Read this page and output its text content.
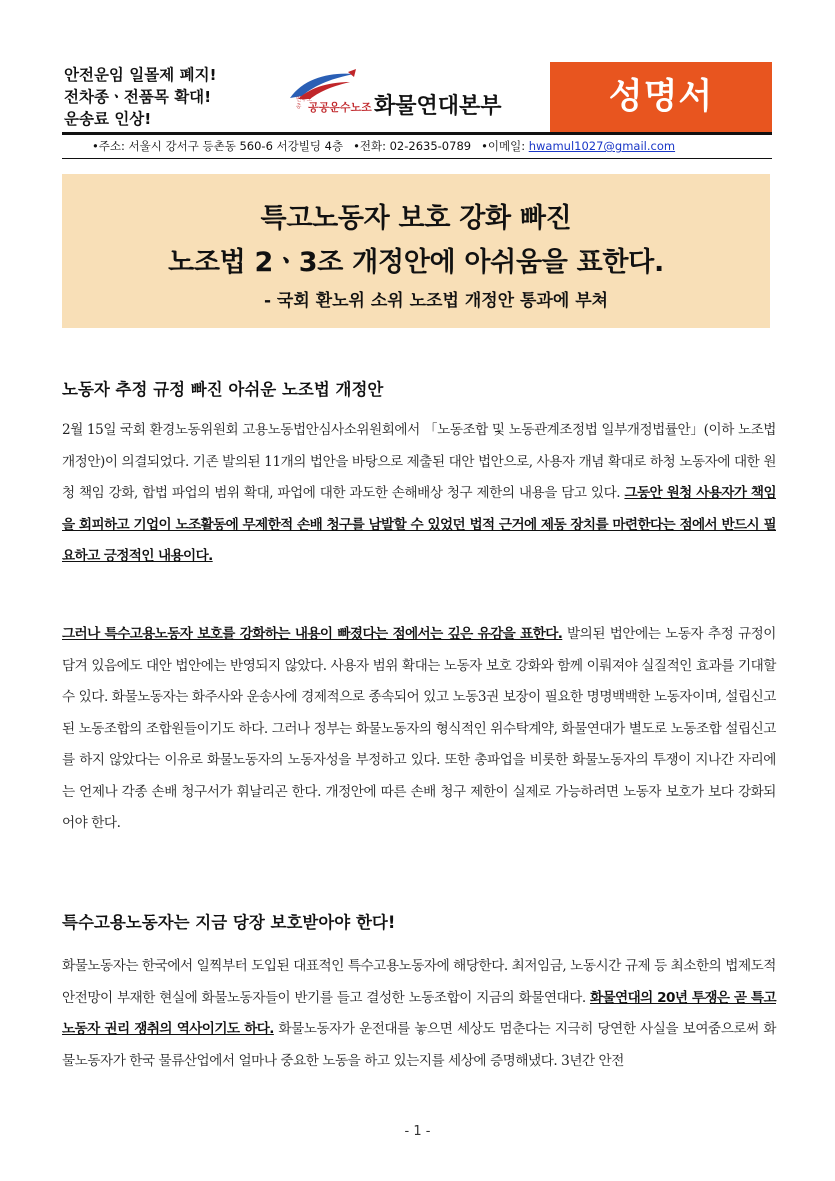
안전운임 일몰제 폐지!
전차종ㆍ전품목 확대!
운송료 인상!
민주노총 공공운수노조 화물연대본부	성명서
•주소: 서울시 강서구 등촌동 560-6 서강빌딩 4층 •전화: 02-2635-0789 •이메일: hwamul1027@gmail.com
특고노동자 보호 강화 빠진
노조법 2ㆍ3조 개정안에 아쉬움을 표한다.
- 국회 환노위 소위 노조법 개정안 통과에 부쳐
노동자 추정 규정 빠진 아쉬운 노조법 개정안
2월 15일 국회 환경노동위원회 고용노동법안심사소위원회에서 「노동조합 및 노동관계조정법 일부개정법률안」(이하 노조법 개정안)이 의결되었다. 기존 발의된 11개의 법안을 바탕으로 제출된 대안 법안으로, 사용자 개념 확대로 하청 노동자에 대한 원청 책임 강화, 합법 파업의 범위 확대, 파업에 대한 과도한 손해배상 청구 제한의 내용을 담고 있다. 그동안 원청 사용자가 책임을 회피하고 기업이 노조활동에 무제한적 손배 청구를 남발할 수 있었던 법적 근거에 제동 장치를 마련한다는 점에서 반드시 필요하고 긍정적인 내용이다.
그러나 특수고용노동자 보호를 강화하는 내용이 빠졌다는 점에서는 깊은 유감을 표한다. 발의된 법안에는 노동자 추정 규정이 담겨 있음에도 대안 법안에는 반영되지 않았다. 사용자 범위 확대는 노동자 보호 강화와 함께 이뤄져야 실질적인 효과를 기대할 수 있다. 화물노동자는 화주사와 운송사에 경제적으로 종속되어 있고 노동3권 보장이 필요한 명명백백한 노동자이며, 설립신고된 노동조합의 조합원들이기도 하다. 그러나 정부는 화물노동자의 형식적인 위수탁계약, 화물연대가 별도로 노동조합 설립신고를 하지 않았다는 이유로 화물노동자의 노동자성을 부정하고 있다. 또한 총파업을 비롯한 화물노동자의 투쟁이 지나간 자리에는 언제나 각종 손배 청구서가 휘날리곤 한다. 개정안에 따른 손배 청구 제한이 실제로 가능하려면 노동자 보호가 보다 강화되어야 한다.
특수고용노동자는 지금 당장 보호받아야 한다!
화물노동자는 한국에서 일찍부터 도입된 대표적인 특수고용노동자에 해당한다. 최저임금, 노동시간 규제 등 최소한의 법제도적 안전망이 부재한 현실에 화물노동자들이 반기를 들고 결성한 노동조합이 지금의 화물연대다. 화물연대의 20년 투쟁은 곧 특고노동자 권리 쟁취의 역사이기도 하다. 화물노동자가 운전대를 놓으면 세상도 멈춘다는 지극히 당연한 사실을 보여줌으로써 화물노동자가 한국 물류산업에서 얼마나 중요한 노동을 하고 있는지를 세상에 증명해냈다. 3년간 안전
- 1 -
